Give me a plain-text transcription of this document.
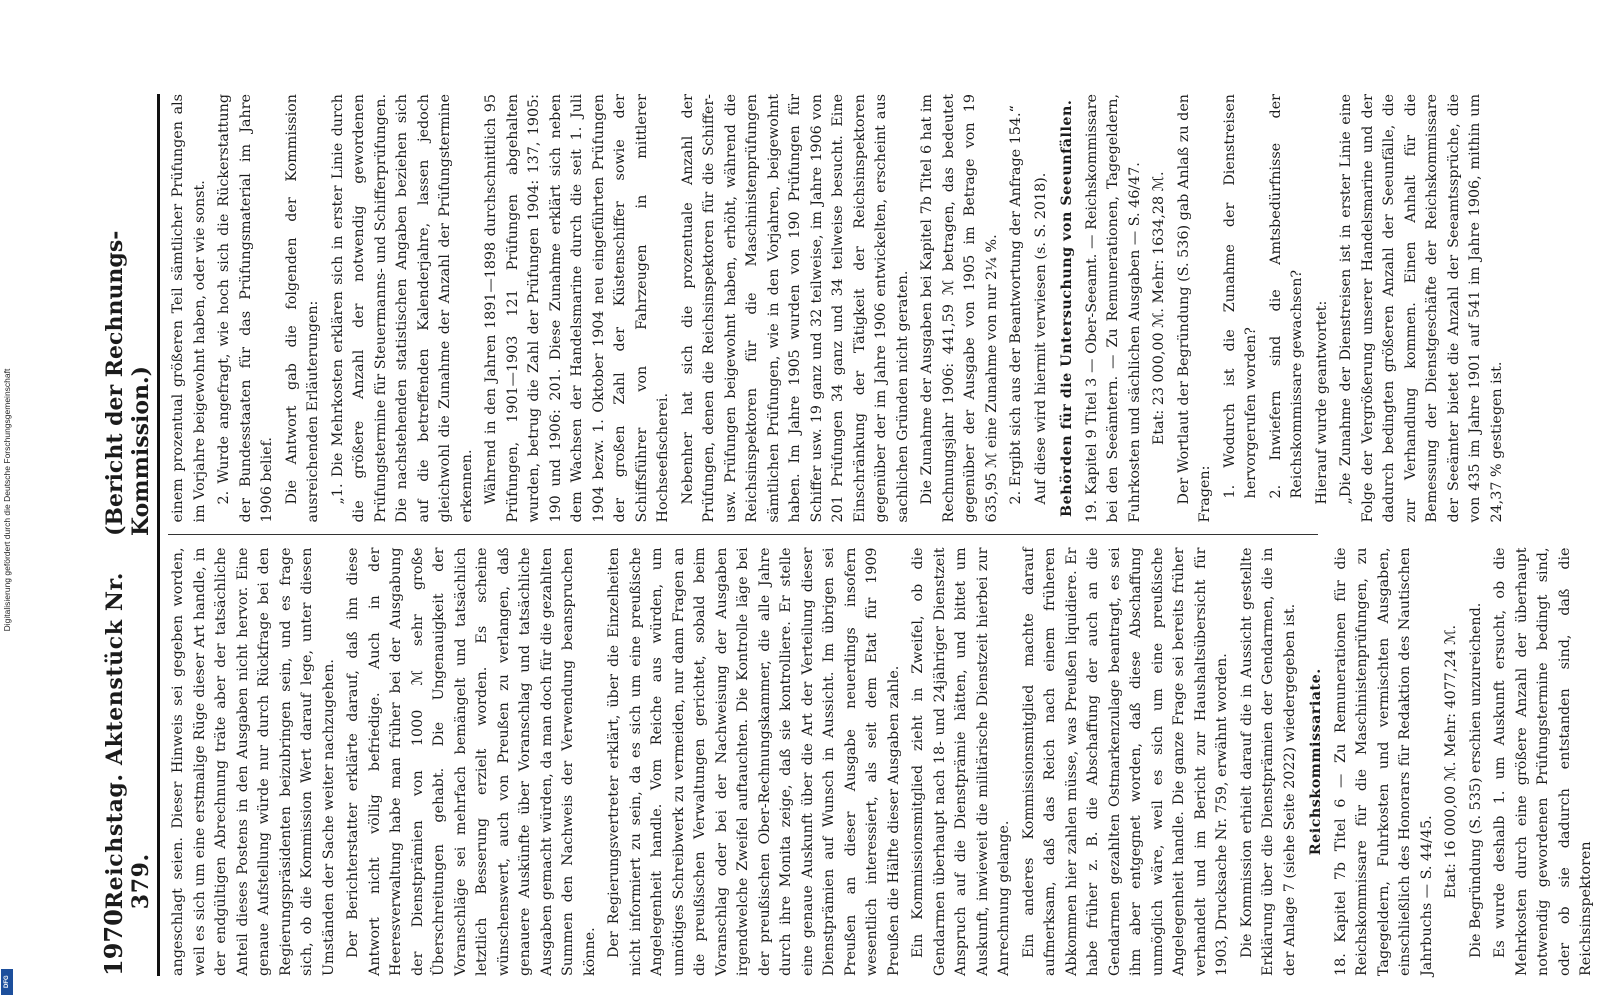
Digitalisierung gefördert durch die Deutsche Forschungsgemeinschaft
DFG
1970
Reichstag. Aktenstück Nr. 379.
(Bericht der Rechnungs-Kommission.)

angeschlagt seien. Dieser Hinweis sei gegeben worden, weil es sich um eine erstmalige Rüge dieser Art handle, in der endgültigen Abrechnung träte aber der tatsächliche Anteil dieses Postens in den Ausgaben nicht hervor. Eine genaue Aufstellung würde nur durch Rückfrage bei den Regierungspräsidenten beizubringen sein, und es frage sich, ob die Kommission Wert darauf lege, unter diesen Umständen der Sache weiter nachzugehen. Der Berichterstatter erklärte darauf, daß ihn diese Antwort nicht völlig befriedige. Auch in der Heeresverwaltung habe man früher bei der Ausgabung der Dienstprämien von 1000 ℳ sehr große Überschreitungen gehabt. Die Ungenauigkeit der Voranschläge sei mehrfach bemängelt und tatsächlich letztlich Besserung erzielt worden. Es scheine wünschenswert, auch von Preußen zu verlangen, daß genauere Auskünfte über Voranschlag und tatsächliche Ausgaben gemacht würden, da man doch für die gezahlten Summen den Nachweis der Verwendung beanspruchen könne. Der Regierungsvertreter erklärt, über die Einzelheiten nicht informiert zu sein, da es sich um eine preußische Angelegenheit handle. Vom Reiche aus würden, um unnötiges Schreibwerk zu vermeiden, nur dann Fragen an die preußischen Verwaltungen gerichtet, sobald beim Voranschlag oder bei der Nachweisung der Ausgaben irgendwelche Zweifel auftauchten. Die Kontrolle läge bei der preußischen Ober-Rechnungskammer, die alle Jahre durch ihre Monita zeige, daß sie kontrolliere. Er stelle eine genaue Auskunft über die Art der Verteilung dieser Dienstprämien auf Wunsch in Aussicht. Im übrigen sei Preußen an dieser Ausgabe neuerdings insofern wesentlich interessiert, als seit dem Etat für 1909 Preußen die Hälfte dieser Ausgaben zahle. Ein Kommissionsmitglied zieht in Zweifel, ob die Gendarmen überhaupt nach 18- und 24jähriger Dienstzeit Anspruch auf die Dienstprämie hätten, und bittet um Auskunft, inwieweit die militärische Dienstzeit hierbei zur Anrechnung gelange. Ein anderes Kommissionsmitglied machte darauf aufmerksam, daß das Reich nach einem früheren Abkommen hier zahlen müsse, was Preußen liquidiere. Er habe früher z. B. die Abschaffung der auch an die Gendarmen gezahlten Ostmarkenzulage beantragt, es sei ihm aber entgegnet worden, daß diese Abschaffung unmöglich wäre, weil es sich um eine preußische Angelegenheit handle. Die ganze Frage sei bereits früher verhandelt und im Bericht zur Haushaltsübersicht für 1903, Drucksache Nr. 759, erwähnt worden. Die Kommission erhielt darauf die in Aussicht gestellte Erklärung über die Dienstprämien der Gendarmen, die in der Anlage 7 (siehe Seite 2022) wiedergegeben ist. Reichskommissariate. 18. Kapitel 7b Titel 6 — Zu Remunerationen für die Reichskommissare für die Maschinistenprüfungen, zu Tagegeldern, Fuhrkosten und vermischten Ausgaben, einschließlich des Honorars für Redaktion des Nautischen Jahrbuchs — S. 44/45. Etat: 16 000,00 ℳ. Mehr: 4077,24 ℳ. Die Begründung (S. 535) erschien unzureichend. Es wurde deshalb 1. um Auskunft ersucht, ob die Mehrkosten durch eine größere Anzahl der überhaupt notwendig gewordenen Prüfungstermine bedingt sind, oder ob sie dadurch entstanden sind, daß die Reichsinspektoren

einem prozentual größeren Teil sämtlicher Prüfungen als im Vorjahre beigewohnt haben, oder wie sonst. 2. Wurde angefragt, wie hoch sich die Rückerstattung der Bundesstaaten für das Prüfungsmaterial im Jahre 1906 belief. Die Antwort gab die folgenden der Kommission ausreichenden Erläuterungen: „1. Die Mehrkosten erklären sich in erster Linie durch die größere Anzahl der notwendig gewordenen Prüfungstermine für Steuermanns- und Schifferprüfungen. Die nachstehenden statistischen Angaben beziehen sich auf die betreffenden Kalenderjahre, lassen jedoch gleichwohl die Zunahme der Anzahl der Prüfungstermine erkennen. Während in den Jahren 1891—1898 durchschnittlich 95 Prüfungen, 1901—1903 121 Prüfungen abgehalten wurden, betrug die Zahl der Prüfungen 1904: 137, 1905: 190 und 1906: 201. Diese Zunahme erklärt sich neben dem Wachsen der Handelsmarine durch die seit 1. Juli 1904 bezw. 1. Oktober 1904 neu eingeführten Prüfungen der großen Zahl der Küstenschiffer sowie der Schiffsführer von Fahrzeugen in mittlerer Hochseefischerei. Nebenher hat sich die prozentuale Anzahl der Prüfungen, denen die Reichsinspektoren für die Schiffer- usw. Prüfungen beigewohnt haben, erhöht, während die Reichsinspektoren für die Maschinistenprüfungen sämtlichen Prüfungen, wie in den Vorjahren, beigewohnt haben. Im Jahre 1905 wurden von 190 Prüfungen für Schiffer usw. 19 ganz und 32 teilweise, im Jahre 1906 von 201 Prüfungen 34 ganz und 34 teilweise besucht. Eine Einschränkung der Tätigkeit der Reichsinspektoren gegenüber der im Jahre 1906 entwickelten, erscheint aus sachlichen Gründen nicht geraten. Die Zunahme der Ausgaben bei Kapitel 7b Titel 6 hat im Rechnungsjahr 1906: 441,59 ℳ betragen, das bedeutet gegenüber der Ausgabe von 1905 im Betrage von 19 635,95 ℳ eine Zunahme von nur 2¼ %. 2. Ergibt sich aus der Beantwortung der Anfrage 154.“ Auf diese wird hiermit verwiesen (s. S. 2018). Behörden für die Untersuchung von Seeunfällen. 19. Kapitel 9 Titel 3 — Ober-Seeamt. — Reichskommissare bei den Seeämtern. — Zu Remunerationen, Tagegeldern, Fuhrkosten und sächlichen Ausgaben — S. 46/47. Etat: 23 000,00 ℳ. Mehr: 1634,28 ℳ. Der Wortlaut der Begründung (S. 536) gab Anlaß zu den Fragen: 1. Wodurch ist die Zunahme der Dienstreisen hervorgerufen worden? 2. Inwiefern sind die Amtsbedürfnisse der Reichskommissare gewachsen? Hierauf wurde geantwortet: „Die Zunahme der Dienstreisen ist in erster Linie eine Folge der Vergrößerung unserer Handelsmarine und der dadurch bedingten größeren Anzahl der Seeunfälle, die zur Verhandlung kommen. Einen Anhalt für die Bemessung der Dienstgeschäfte der Reichskommissare der Seeämter bietet die Anzahl der Seeamtssprüche, die von 435 im Jahre 1901 auf 541 im Jahre 1906, mithin um 24,37 % gestiegen ist.
